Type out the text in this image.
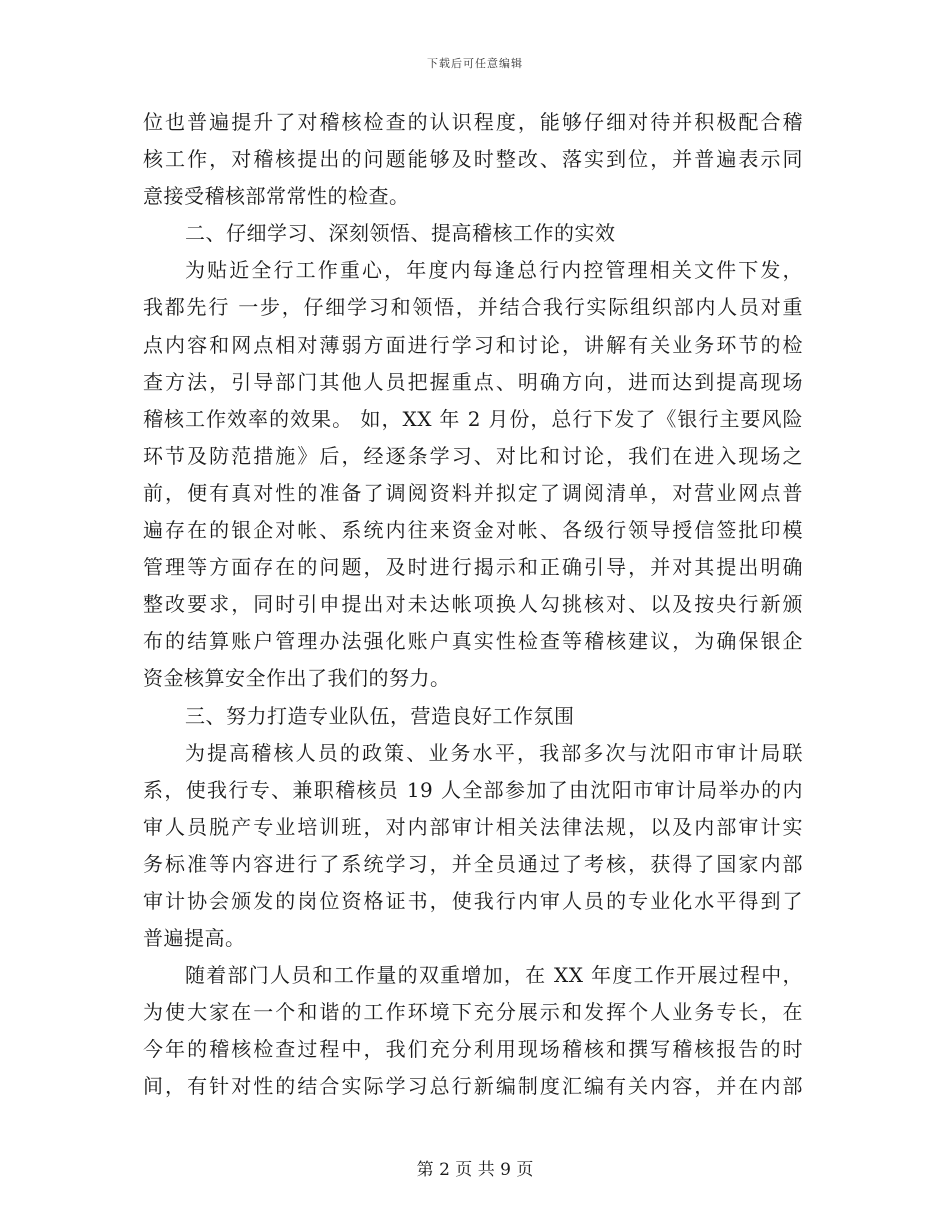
下载后可任意编辑
位也普遍提升了对稽核检查的认识程度，能够仔细对待并积极配合稽
核工作，对稽核提出的问题能够及时整改、落实到位，并普遍表示同
意接受稽核部常常性的检查。
二、仔细学习、深刻领悟、提高稽核工作的实效
为贴近全行工作重心，年度内每逢总行内控管理相关文件下发，
我都先行 一步，仔细学习和领悟，并结合我行实际组织部内人员对重
点内容和网点相对薄弱方面进行学习和讨论，讲解有关业务环节的检
查方法，引导部门其他人员把握重点、明确方向，进而达到提高现场
稽核工作效率的效果。 如，XX 年 2 月份，总行下发了《银行主要风险
环节及防范措施》后，经逐条学习、对比和讨论，我们在进入现场之
前，便有真对性的准备了调阅资料并拟定了调阅清单，对营业网点普
遍存在的银企对帐、系统内往来资金对帐、各级行领导授信签批印模
管理等方面存在的问题，及时进行揭示和正确引导，并对其提出明确
整改要求，同时引申提出对未达帐项换人勾挑核对、以及按央行新颁
布的结算账户管理办法强化账户真实性检查等稽核建议，为确保银企
资金核算安全作出了我们的努力。
三、努力打造专业队伍，营造良好工作氛围
为提高稽核人员的政策、业务水平，我部多次与沈阳市审计局联
系，使我行专、兼职稽核员 19 人全部参加了由沈阳市审计局举办的内
审人员脱产专业培训班，对内部审计相关法律法规，以及内部审计实
务标准等内容进行了系统学习，并全员通过了考核，获得了国家内部
审计协会颁发的岗位资格证书，使我行内审人员的专业化水平得到了
普遍提高。
随着部门人员和工作量的双重增加，在 XX 年度工作开展过程中，
为使大家在一个和谐的工作环境下充分展示和发挥个人业务专长，在
今年的稽核检查过程中，我们充分利用现场稽核和撰写稽核报告的时
间，有针对性的结合实际学习总行新编制度汇编有关内容，并在内部
第 2 页 共 9 页
